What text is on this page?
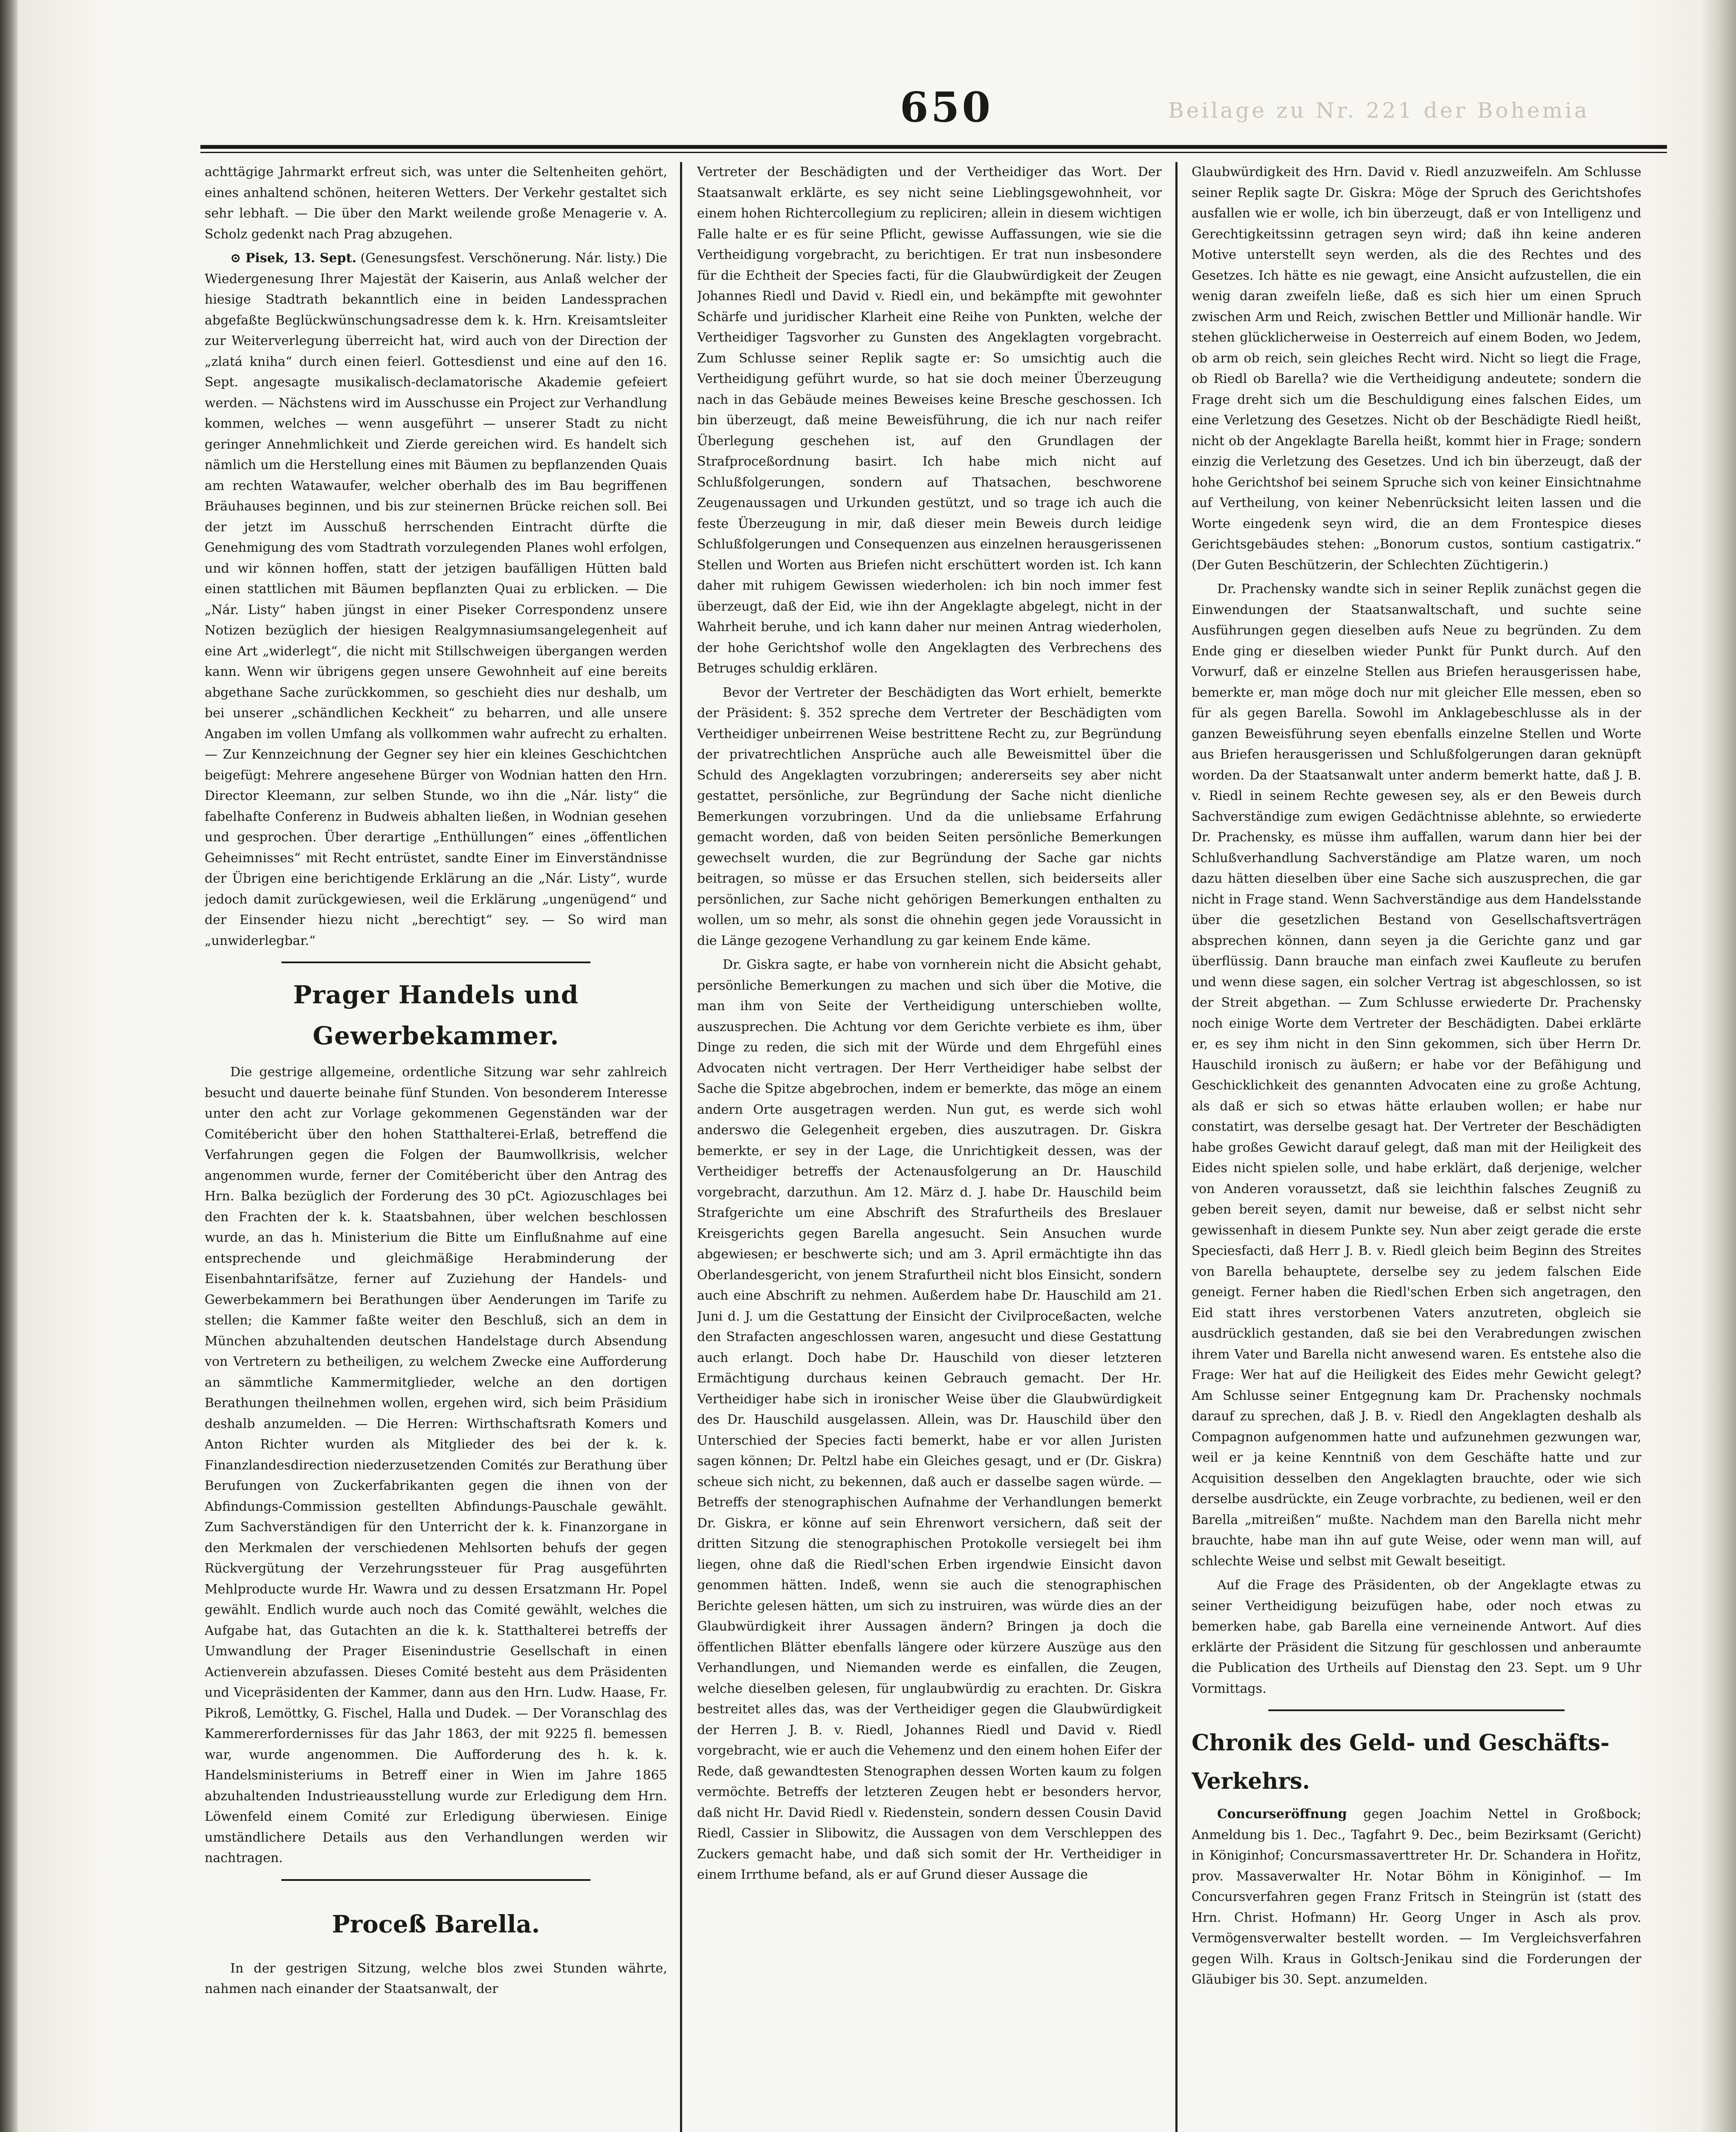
Beilage zu Nr. 221 der Bohemia
650

achttägige Jahrmarkt erfreut sich, was unter die Seltenheiten gehört, eines anhaltend schönen, heiteren Wetters. Der Verkehr gestaltet sich sehr lebhaft. — Die über den Markt weilende große Menagerie v. A. Scholz gedenkt nach Prag abzugehen.

⊙ Pisek, 13. Sept. (Genesungsfest. Verschönerung. Nár. listy.) Die Wiedergenesung Ihrer Majestät der Kaiserin, aus Anlaß welcher der hiesige Stadtrath bekanntlich eine in beiden Landessprachen abgefaßte Beglückwünschungsadresse dem k. k. Hrn. Kreisamtsleiter zur Weiterverlegung überreicht hat, wird auch von der Direction der „zlatá kniha“ durch einen feierl. Gottesdienst und eine auf den 16. Sept. angesagte musikalisch-declamatorische Akademie gefeiert werden. — Nächstens wird im Ausschusse ein Project zur Verhandlung kommen, welches — wenn ausgeführt — unserer Stadt zu nicht geringer Annehmlichkeit und Zierde gereichen wird. Es handelt sich nämlich um die Herstellung eines mit Bäumen zu bepflanzenden Quais am rechten Watawaufer, welcher oberhalb des im Bau begriffenen Bräuhauses beginnen, und bis zur steinernen Brücke reichen soll. Bei der jetzt im Ausschuß herrschenden Eintracht dürfte die Genehmigung des vom Stadtrath vorzulegenden Planes wohl erfolgen, und wir können hoffen, statt der jetzigen baufälligen Hütten bald einen stattlichen mit Bäumen bepflanzten Quai zu erblicken. — Die „Nár. Listy“ haben jüngst in einer Piseker Correspondenz unsere Notizen bezüglich der hiesigen Realgymnasiumsangelegenheit auf eine Art „widerlegt“, die nicht mit Stillschweigen übergangen werden kann. Wenn wir übrigens gegen unsere Gewohnheit auf eine bereits abgethane Sache zurückkommen, so geschieht dies nur deshalb, um bei unserer „schändlichen Keckheit“ zu beharren, und alle unsere Angaben im vollen Umfang als vollkommen wahr aufrecht zu erhalten. — Zur Kennzeichnung der Gegner sey hier ein kleines Geschichtchen beigefügt: Mehrere angesehene Bürger von Wodnian hatten den Hrn. Director Kleemann, zur selben Stunde, wo ihn die „Nár. listy“ die fabelhafte Conferenz in Budweis abhalten ließen, in Wodnian gesehen und gesprochen. Über derartige „Enthüllungen“ eines „öffentlichen Geheimnisses“ mit Recht entrüstet, sandte Einer im Einverständnisse der Übrigen eine berichtigende Erklärung an die „Nár. Listy“, wurde jedoch damit zurückgewiesen, weil die Erklärung „ungenügend“ und der Einsender hiezu nicht „berechtigt“ sey. — So wird man „unwiderlegbar.“

Prager Handels und Gewerbekammer.

Die gestrige allgemeine, ordentliche Sitzung war sehr zahlreich besucht und dauerte beinahe fünf Stunden. Von besonderem Interesse unter den acht zur Vorlage gekommenen Gegenständen war der Comitébericht über den hohen Statthalterei-Erlaß, betreffend die Verfahrungen gegen die Folgen der Baumwollkrisis, welcher angenommen wurde, ferner der Comitébericht über den Antrag des Hrn. Balka bezüglich der Forderung des 30 pCt. Agiozuschlages bei den Frachten der k. k. Staatsbahnen, über welchen beschlossen wurde, an das h. Ministerium die Bitte um Einflußnahme auf eine entsprechende und gleichmäßige Herabminderung der Eisenbahntarifsätze, ferner auf Zuziehung der Handels- und Gewerbekammern bei Berathungen über Aenderungen im Tarife zu stellen; die Kammer faßte weiter den Beschluß, sich an dem in München abzuhaltenden deutschen Handelstage durch Absendung von Vertretern zu betheiligen, zu welchem Zwecke eine Aufforderung an sämmtliche Kammermitglieder, welche an den dortigen Berathungen theilnehmen wollen, ergehen wird, sich beim Präsidium deshalb anzumelden. — Die Herren: Wirthschaftsrath Komers und Anton Richter wurden als Mitglieder des bei der k. k. Finanzlandesdirection niederzusetzenden Comités zur Berathung über Berufungen von Zuckerfabrikanten gegen die ihnen von der Abfindungs-Commission gestellten Abfindungs-Pauschale gewählt. Zum Sachverständigen für den Unterricht der k. k. Finanzorgane in den Merkmalen der verschiedenen Mehlsorten behufs der gegen Rückvergütung der Verzehrungssteuer für Prag ausgeführten Mehlproducte wurde Hr. Wawra und zu dessen Ersatzmann Hr. Popel gewählt. Endlich wurde auch noch das Comité gewählt, welches die Aufgabe hat, das Gutachten an die k. k. Statthalterei betreffs der Umwandlung der Prager Eisenindustrie Gesellschaft in einen Actienverein abzufassen. Dieses Comité besteht aus dem Präsidenten und Vicepräsidenten der Kammer, dann aus den Hrn. Ludw. Haase, Fr. Pikroß, Lemöttky, G. Fischel, Halla und Dudek. — Der Voranschlag des Kammererfordernisses für das Jahr 1863, der mit 9225 fl. bemessen war, wurde angenommen. Die Aufforderung des h. k. k. Handelsministeriums in Betreff einer in Wien im Jahre 1865 abzuhaltenden Industrieausstellung wurde zur Erledigung dem Hrn. Löwenfeld einem Comité zur Erledigung überwiesen. Einige umständlichere Details aus den Verhandlungen werden wir nachtragen.

Proceß Barella.

In der gestrigen Sitzung, welche blos zwei Stunden währte, nahmen nach einander der Staatsanwalt, der

Vertreter der Beschädigten und der Vertheidiger das Wort. Der Staatsanwalt erklärte, es sey nicht seine Lieblingsgewohnheit, vor einem hohen Richtercollegium zu repliciren; allein in diesem wichtigen Falle halte er es für seine Pflicht, gewisse Auffassungen, wie sie die Vertheidigung vorgebracht, zu berichtigen. Er trat nun insbesondere für die Echtheit der Species facti, für die Glaubwürdigkeit der Zeugen Johannes Riedl und David v. Riedl ein, und bekämpfte mit gewohnter Schärfe und juridischer Klarheit eine Reihe von Punkten, welche der Vertheidiger Tagsvorher zu Gunsten des Angeklagten vorgebracht. Zum Schlusse seiner Replik sagte er: So umsichtig auch die Vertheidigung geführt wurde, so hat sie doch meiner Überzeugung nach in das Gebäude meines Beweises keine Bresche geschossen. Ich bin überzeugt, daß meine Beweisführung, die ich nur nach reifer Überlegung geschehen ist, auf den Grundlagen der Strafproceßordnung basirt. Ich habe mich nicht auf Schlußfolgerungen, sondern auf Thatsachen, beschworene Zeugenaussagen und Urkunden gestützt, und so trage ich auch die feste Überzeugung in mir, daß dieser mein Beweis durch leidige Schlußfolgerungen und Consequenzen aus einzelnen herausgerissenen Stellen und Worten aus Briefen nicht erschüttert worden ist. Ich kann daher mit ruhigem Gewissen wiederholen: ich bin noch immer fest überzeugt, daß der Eid, wie ihn der Angeklagte abgelegt, nicht in der Wahrheit beruhe, und ich kann daher nur meinen Antrag wiederholen, der hohe Gerichtshof wolle den Angeklagten des Verbrechens des Betruges schuldig erklären.

Bevor der Vertreter der Beschädigten das Wort erhielt, bemerkte der Präsident: §. 352 spreche dem Vertreter der Beschädigten vom Vertheidiger unbeirrenen Weise bestrittene Recht zu, zur Begründung der privatrechtlichen Ansprüche auch alle Beweismittel über die Schuld des Angeklagten vorzubringen; andererseits sey aber nicht gestattet, persönliche, zur Begründung der Sache nicht dienliche Bemerkungen vorzubringen. Und da die unliebsame Erfahrung gemacht worden, daß von beiden Seiten persönliche Bemerkungen gewechselt wurden, die zur Begründung der Sache gar nichts beitragen, so müsse er das Ersuchen stellen, sich beiderseits aller persönlichen, zur Sache nicht gehörigen Bemerkungen enthalten zu wollen, um so mehr, als sonst die ohnehin gegen jede Voraussicht in die Länge gezogene Verhandlung zu gar keinem Ende käme.

Dr. Giskra sagte, er habe von vornherein nicht die Absicht gehabt, persönliche Bemerkungen zu machen und sich über die Motive, die man ihm von Seite der Vertheidigung unterschieben wollte, auszusprechen. Die Achtung vor dem Gerichte verbiete es ihm, über Dinge zu reden, die sich mit der Würde und dem Ehrgefühl eines Advocaten nicht vertragen. Der Herr Vertheidiger habe selbst der Sache die Spitze abgebrochen, indem er bemerkte, das möge an einem andern Orte ausgetragen werden. Nun gut, es werde sich wohl anderswo die Gelegenheit ergeben, dies auszutragen. Dr. Giskra bemerkte, er sey in der Lage, die Unrichtigkeit dessen, was der Vertheidiger betreffs der Actenausfolgerung an Dr. Hauschild vorgebracht, darzuthun. Am 12. März d. J. habe Dr. Hauschild beim Strafgerichte um eine Abschrift des Strafurtheils des Breslauer Kreisgerichts gegen Barella angesucht. Sein Ansuchen wurde abgewiesen; er beschwerte sich; und am 3. April ermächtigte ihn das Oberlandesgericht, von jenem Strafurtheil nicht blos Einsicht, sondern auch eine Abschrift zu nehmen. Außerdem habe Dr. Hauschild am 21. Juni d. J. um die Gestattung der Einsicht der Civilproceßacten, welche den Strafacten angeschlossen waren, angesucht und diese Gestattung auch erlangt. Doch habe Dr. Hauschild von dieser letzteren Ermächtigung durchaus keinen Gebrauch gemacht. Der Hr. Vertheidiger habe sich in ironischer Weise über die Glaubwürdigkeit des Dr. Hauschild ausgelassen. Allein, was Dr. Hauschild über den Unterschied der Species facti bemerkt, habe er vor allen Juristen sagen können; Dr. Peltzl habe ein Gleiches gesagt, und er (Dr. Giskra) scheue sich nicht, zu bekennen, daß auch er dasselbe sagen würde. — Betreffs der stenographischen Aufnahme der Verhandlungen bemerkt Dr. Giskra, er könne auf sein Ehrenwort versichern, daß seit der dritten Sitzung die stenographischen Protokolle versiegelt bei ihm liegen, ohne daß die Riedl'schen Erben irgendwie Einsicht davon genommen hätten. Indeß, wenn sie auch die stenographischen Berichte gelesen hätten, um sich zu instruiren, was würde dies an der Glaubwürdigkeit ihrer Aussagen ändern? Bringen ja doch die öffentlichen Blätter ebenfalls längere oder kürzere Auszüge aus den Verhandlungen, und Niemanden werde es einfallen, die Zeugen, welche dieselben gelesen, für unglaubwürdig zu erachten. Dr. Giskra bestreitet alles das, was der Vertheidiger gegen die Glaubwürdigkeit der Herren J. B. v. Riedl, Johannes Riedl und David v. Riedl vorgebracht, wie er auch die Vehemenz und den einem hohen Eifer der Rede, daß gewandtesten Stenographen dessen Worten kaum zu folgen vermöchte. Betreffs der letzteren Zeugen hebt er besonders hervor, daß nicht Hr. David Riedl v. Riedenstein, sondern dessen Cousin David Riedl, Cassier in Slibowitz, die Aussagen von dem Verschleppen des Zuckers gemacht habe, und daß sich somit der Hr. Vertheidiger in einem Irrthume befand, als er auf Grund dieser Aussage die

Glaubwürdigkeit des Hrn. David v. Riedl anzuzweifeln. Am Schlusse seiner Replik sagte Dr. Giskra: Möge der Spruch des Gerichtshofes ausfallen wie er wolle, ich bin überzeugt, daß er von Intelligenz und Gerechtigkeitssinn getragen seyn wird; daß ihn keine anderen Motive unterstellt seyn werden, als die des Rechtes und des Gesetzes. Ich hätte es nie gewagt, eine Ansicht aufzustellen, die ein wenig daran zweifeln ließe, daß es sich hier um einen Spruch zwischen Arm und Reich, zwischen Bettler und Millionär handle. Wir stehen glücklicherweise in Oesterreich auf einem Boden, wo Jedem, ob arm ob reich, sein gleiches Recht wird. Nicht so liegt die Frage, ob Riedl ob Barella? wie die Vertheidigung andeutete; sondern die Frage dreht sich um die Beschuldigung eines falschen Eides, um eine Verletzung des Gesetzes. Nicht ob der Beschädigte Riedl heißt, nicht ob der Angeklagte Barella heißt, kommt hier in Frage; sondern einzig die Verletzung des Gesetzes. Und ich bin überzeugt, daß der hohe Gerichtshof bei seinem Spruche sich von keiner Einsichtnahme auf Vertheilung, von keiner Nebenrücksicht leiten lassen und die Worte eingedenk seyn wird, die an dem Frontespice dieses Gerichtsgebäudes stehen: „Bonorum custos, sontium castigatrix.“ (Der Guten Beschützerin, der Schlechten Züchtigerin.)

Dr. Prachensky wandte sich in seiner Replik zunächst gegen die Einwendungen der Staatsanwaltschaft, und suchte seine Ausführungen gegen dieselben aufs Neue zu begründen. Zu dem Ende ging er dieselben wieder Punkt für Punkt durch. Auf den Vorwurf, daß er einzelne Stellen aus Briefen herausgerissen habe, bemerkte er, man möge doch nur mit gleicher Elle messen, eben so für als gegen Barella. Sowohl im Anklagebeschlusse als in der ganzen Beweisführung seyen ebenfalls einzelne Stellen und Worte aus Briefen herausgerissen und Schlußfolgerungen daran geknüpft worden. Da der Staatsanwalt unter anderm bemerkt hatte, daß J. B. v. Riedl in seinem Rechte gewesen sey, als er den Beweis durch Sachverständige zum ewigen Gedächtnisse ablehnte, so erwiederte Dr. Prachensky, es müsse ihm auffallen, warum dann hier bei der Schlußverhandlung Sachverständige am Platze waren, um noch dazu hätten dieselben über eine Sache sich auszusprechen, die gar nicht in Frage stand. Wenn Sachverständige aus dem Handelsstande über die gesetzlichen Bestand von Gesellschaftsverträgen absprechen können, dann seyen ja die Gerichte ganz und gar überflüssig. Dann brauche man einfach zwei Kaufleute zu berufen und wenn diese sagen, ein solcher Vertrag ist abgeschlossen, so ist der Streit abgethan. — Zum Schlusse erwiederte Dr. Prachensky noch einige Worte dem Vertreter der Beschädigten. Dabei erklärte er, es sey ihm nicht in den Sinn gekommen, sich über Herrn Dr. Hauschild ironisch zu äußern; er habe vor der Befähigung und Geschicklichkeit des genannten Advocaten eine zu große Achtung, als daß er sich so etwas hätte erlauben wollen; er habe nur constatirt, was derselbe gesagt hat. Der Vertreter der Beschädigten habe großes Gewicht darauf gelegt, daß man mit der Heiligkeit des Eides nicht spielen solle, und habe erklärt, daß derjenige, welcher von Anderen voraussetzt, daß sie leichthin falsches Zeugniß zu geben bereit seyen, damit nur beweise, daß er selbst nicht sehr gewissenhaft in diesem Punkte sey. Nun aber zeigt gerade die erste Speciesfacti, daß Herr J. B. v. Riedl gleich beim Beginn des Streites von Barella behauptete, derselbe sey zu jedem falschen Eide geneigt. Ferner haben die Riedl'schen Erben sich angetragen, den Eid statt ihres verstorbenen Vaters anzutreten, obgleich sie ausdrücklich gestanden, daß sie bei den Verabredungen zwischen ihrem Vater und Barella nicht anwesend waren. Es entstehe also die Frage: Wer hat auf die Heiligkeit des Eides mehr Gewicht gelegt? Am Schlusse seiner Entgegnung kam Dr. Prachensky nochmals darauf zu sprechen, daß J. B. v. Riedl den Angeklagten deshalb als Compagnon aufgenommen hatte und aufzunehmen gezwungen war, weil er ja keine Kenntniß von dem Geschäfte hatte und zur Acquisition desselben den Angeklagten brauchte, oder wie sich derselbe ausdrückte, ein Zeuge vorbrachte, zu bedienen, weil er den Barella „mitreißen“ mußte. Nachdem man den Barella nicht mehr brauchte, habe man ihn auf gute Weise, oder wenn man will, auf schlechte Weise und selbst mit Gewalt beseitigt.

Auf die Frage des Präsidenten, ob der Angeklagte etwas zu seiner Vertheidigung beizufügen habe, oder noch etwas zu bemerken habe, gab Barella eine verneinende Antwort. Auf dies erklärte der Präsident die Sitzung für geschlossen und anberaumte die Publication des Urtheils auf Dienstag den 23. Sept. um 9 Uhr Vormittags.

Chronik des Geld- und Geschäfts-Verkehrs.

Concurseröffnung gegen Joachim Nettel in Großbock; Anmeldung bis 1. Dec., Tagfahrt 9. Dec., beim Bezirksamt (Gericht) in Königinhof; Concursmassaverttreter Hr. Dr. Schandera in Hořitz, prov. Massaverwalter Hr. Notar Böhm in Königinhof. — Im Concursverfahren gegen Franz Fritsch in Steingrün ist (statt des Hrn. Christ. Hofmann) Hr. Georg Unger in Asch als prov. Vermögensverwalter bestellt worden. — Im Vergleichsverfahren gegen Wilh. Kraus in Goltsch-Jenikau sind die Forderungen der Gläubiger bis 30. Sept. anzumelden.
